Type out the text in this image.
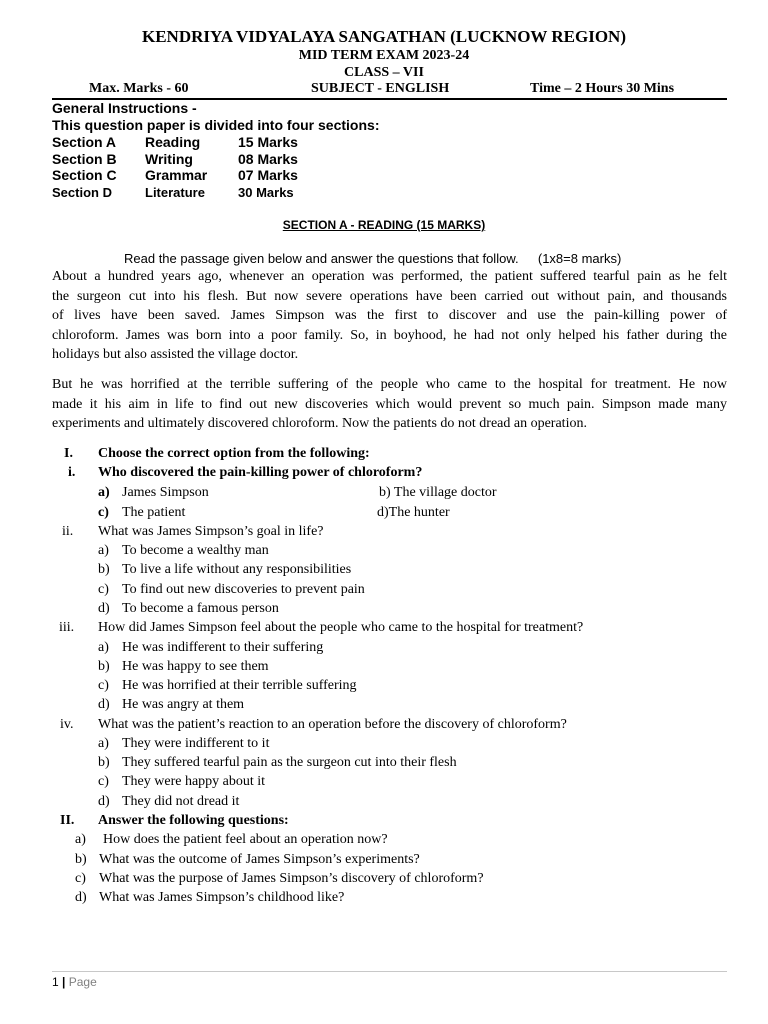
KENDRIYA VIDYALAYA SANGATHAN (LUCKNOW REGION)
MID TERM EXAM 2023-24
CLASS – VII
Max. Marks - 60	SUBJECT - ENGLISH	Time – 2 Hours 30 Mins
General Instructions -
This question paper is divided into four sections:
Section A Reading	15 Marks
Section B Writing	08 Marks
Section C Grammar 07 Marks
Section D	Literature	30 Marks
SECTION A - READING (15 MARKS)
Read the passage given below and answer the questions that follow. (1x8=8 marks)
About a hundred years ago, whenever an operation was performed, the patient suffered tearful pain as he felt
the surgeon cut into his flesh. But now severe operations have been carried out without pain, and thousands
of lives have been saved. James Simpson was the first to discover and use the pain-killing power of
chloroform. James was born into a poor family. So, in boyhood, he had not only helped his father during the
holidays but also assisted the village doctor.
But he was horrified at the terrible suffering of the people who came to the hospital for treatment. He now
made it his aim in life to find out new discoveries which would prevent so much pain. Simpson made many
experiments and ultimately discovered chloroform. Now the patients do not dread an operation.
I. Choose the correct option from the following:
i. Who discovered the pain-killing power of chloroform?
a) James Simpson	b) The village doctor
c) The patient	d)The hunter
ii. What was James Simpson’s goal in life?
a) To become a wealthy man
b) To live a life without any responsibilities
c) To find out new discoveries to prevent pain
d) To become a famous person
iii. How did James Simpson feel about the people who came to the hospital for treatment?
a) He was indifferent to their suffering
b) He was happy to see them
c) He was horrified at their terrible suffering
d) He was angry at them
iv. What was the patient’s reaction to an operation before the discovery of chloroform?
a) They were indifferent to it
b) They suffered tearful pain as the surgeon cut into their flesh
c) They were happy about it
d) They did not dread it
II. Answer the following questions:
a) How does the patient feel about an operation now?
b) What was the outcome of James Simpson’s experiments?
c) What was the purpose of James Simpson’s discovery of chloroform?
d) What was James Simpson’s childhood like?
1 | Page
